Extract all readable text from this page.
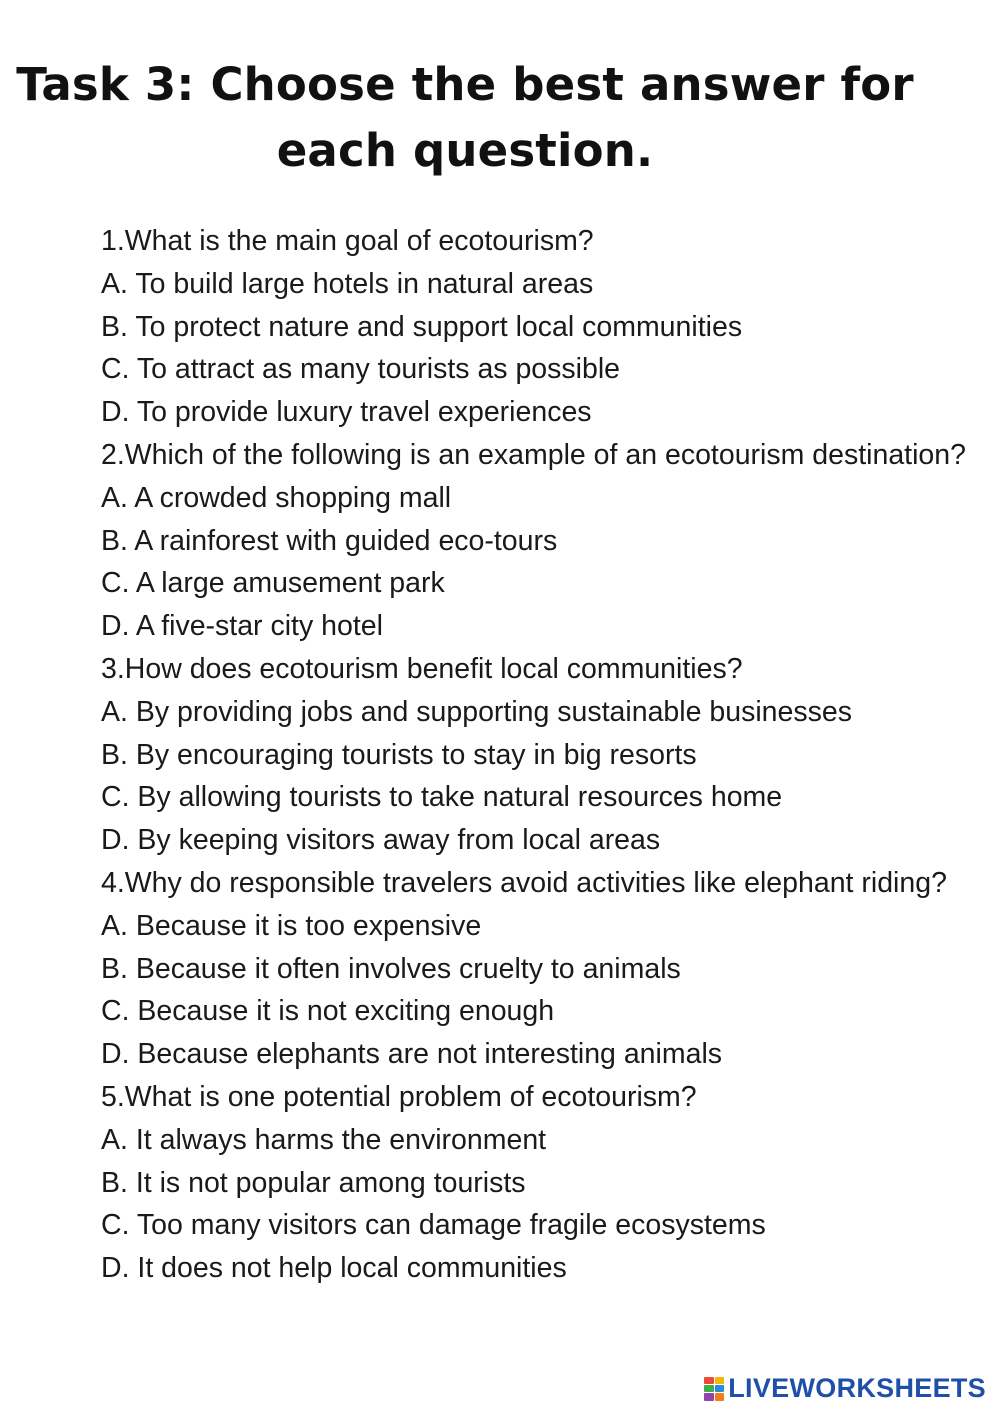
Task 3: Choose the best answer for
each question.
1.What is the main goal of ecotourism?
A. To build large hotels in natural areas
B. To protect nature and support local communities
C. To attract as many tourists as possible
D. To provide luxury travel experiences
2.Which of the following is an example of an ecotourism destination?
A. A crowded shopping mall
B. A rainforest with guided eco-tours
C. A large amusement park
D. A five-star city hotel
3.How does ecotourism benefit local communities?
A. By providing jobs and supporting sustainable businesses
B. By encouraging tourists to stay in big resorts
C. By allowing tourists to take natural resources home
D. By keeping visitors away from local areas
4.Why do responsible travelers avoid activities like elephant riding?
A. Because it is too expensive
B. Because it often involves cruelty to animals
C. Because it is not exciting enough
D. Because elephants are not interesting animals
5.What is one potential problem of ecotourism?
A. It always harms the environment
B. It is not popular among tourists
C. Too many visitors can damage fragile ecosystems
D. It does not help local communities
LIVEWORKSHEETS
